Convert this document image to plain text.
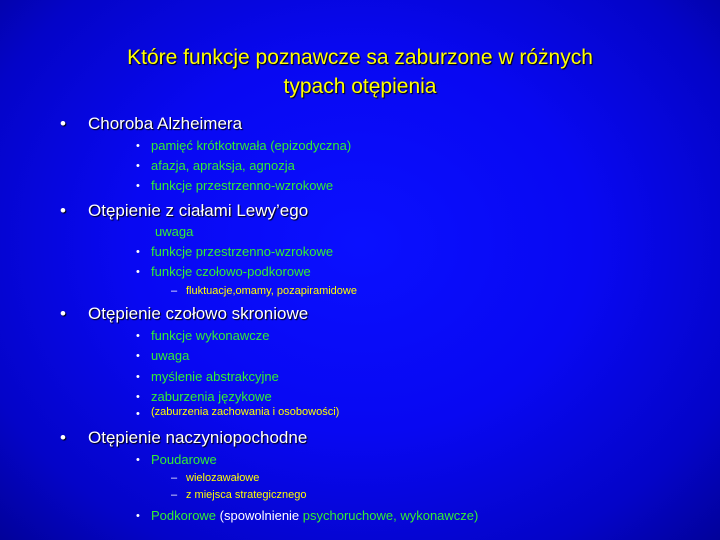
Które funkcje poznawcze sa zaburzone w różnych
typach otępienia
• Choroba Alzheimera
• pamięć krótkotrwała (epizodyczna)
• afazja, apraksja, agnozja
• funkcje przestrzenno-wzrokowe
• Otępienie z ciałami Lewy’ego
uwaga
• funkcje przestrzenno-wzrokowe
• funkcje czołowo-podkorowe
– fluktuacje,omamy, pozapiramidowe
• Otępienie czołowo skroniowe
• funkcje wykonawcze
• uwaga
• myślenie abstrakcyjne
• zaburzenia językowe
• (zaburzenia zachowania i osobowości)
• Otępienie naczyniopochodne
• Poudarowe
– wielozawałowe
– z miejsca strategicznego
• Podkorowe (spowolnienie psychoruchowe, wykonawcze)
